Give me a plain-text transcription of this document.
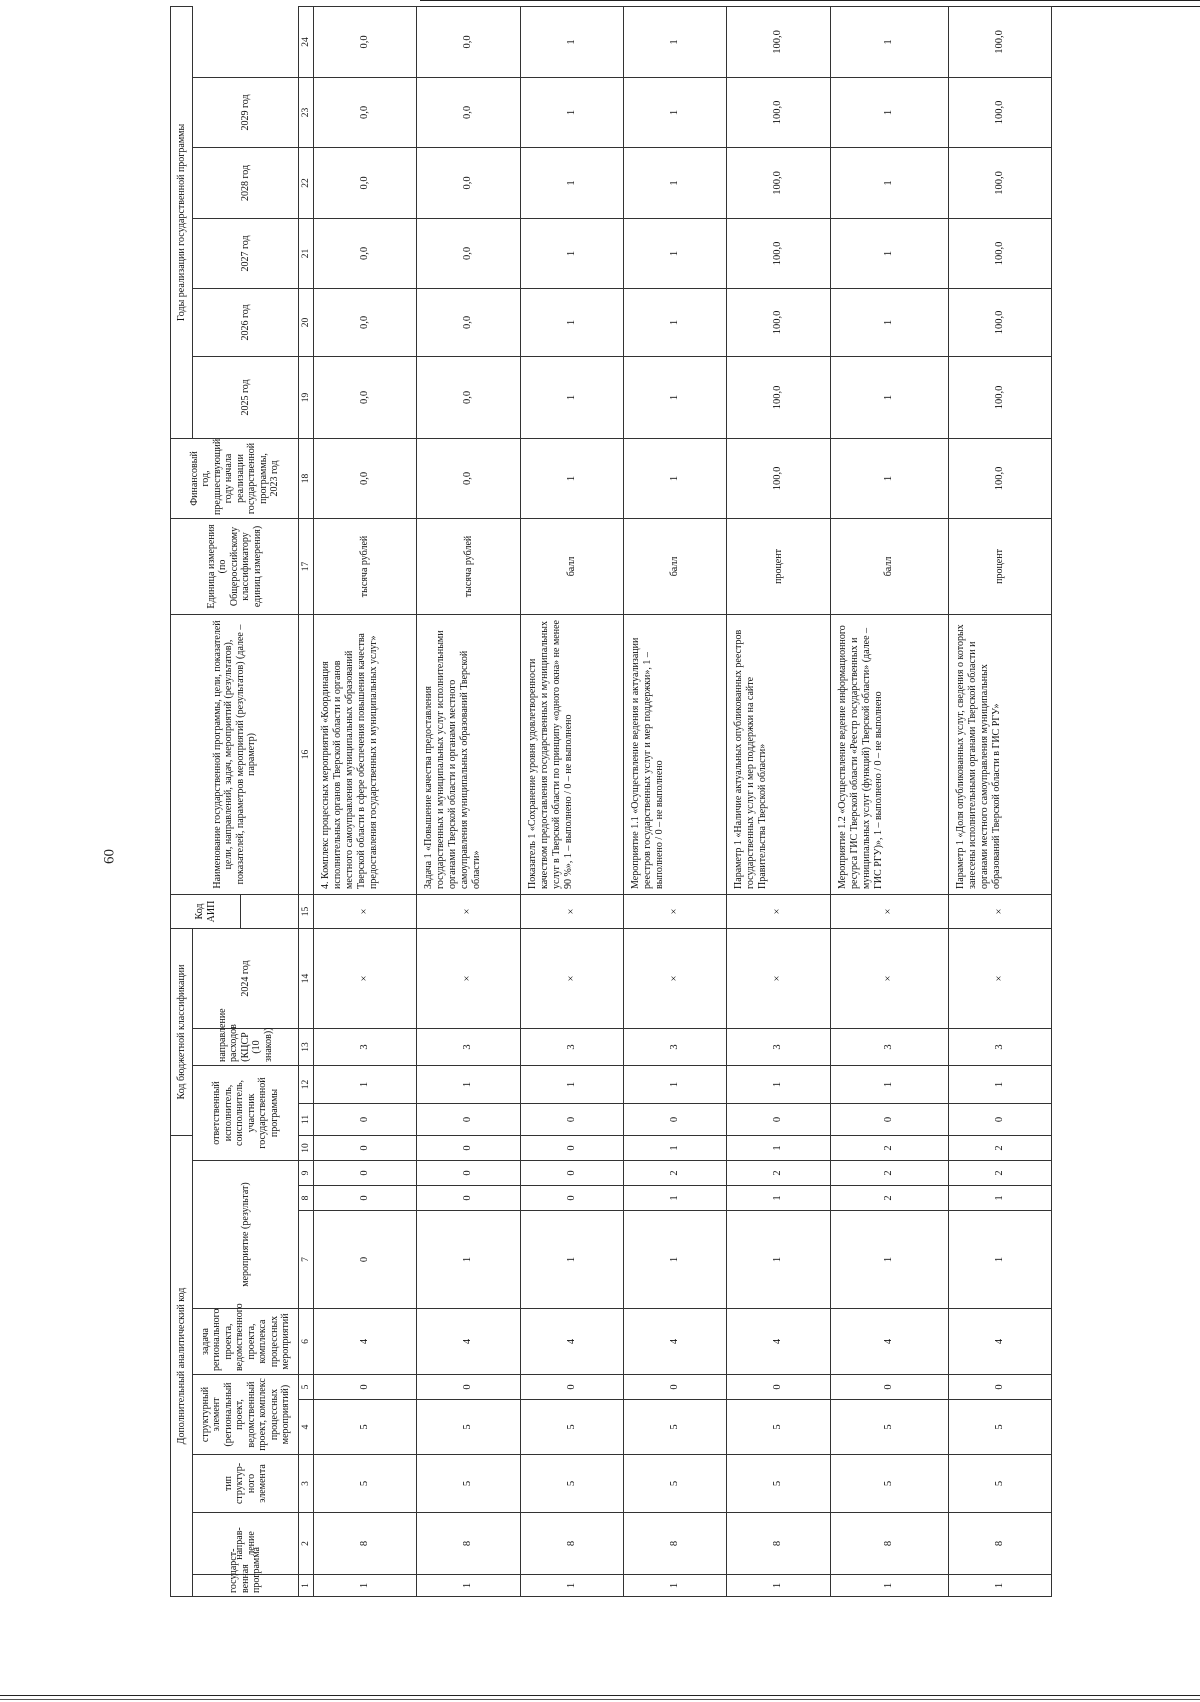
60
Дополнительный аналитический код										Код бюджетной классификации				Код АИП	Наименование государственной программы, цели, показателей цели, направлений, задач, мероприятий (результатов), показателей, параметров мероприятий (результатов) (далее – параметр)	Единица измерения (по Общероссийскому классификатору единиц измерения)	Финансовый год, предшествующий году начала реализации государственной программы, 2023 год	Годы реализации государственной программы					
государст- венная программа	направ- ление	тип структур- ного элемента	структурный элемент (региональный проект, ведомственный проект, комплекс процессных мероприятий)		задача регионального проекта, ведомственного проекта, комплекса процессных мероприятий	мероприятие (результат)			ответственный исполнитель, соисполнитель, участник государственной программы			направление расходов (КЦСР (10 знаков))	2024 год					2025 год	2026 год	2027 год	2028 год	2029 год	

1	2	3	4	5	6	7	8	9	10	11	12	13	14	15	16	17	18	19	20	21	22	23	24
1	8	5	5	0	4	0	0	0	0	0	1	3	×	×	4. Комплекс процессных мероприятий «Координация исполнительных органов Тверской области и органов местного самоуправления муниципальных образований Тверской области в сфере обеспечения повышения качества предоставления государственных и муниципальных услуг»	тысяча рублей	0,0	0,0	0,0	0,0	0,0	0,0	0,0
1	8	5	5	0	4	1	0	0	0	0	1	3	×	×	Задача 1 «Повышение качества предоставления государственных и муниципальных услуг исполнительными органами Тверской области и органами местного самоуправления муниципальных образований Тверской области»	тысяча рублей	0,0	0,0	0,0	0,0	0,0	0,0	0,0
1	8	5	5	0	4	1	0	0	0	0	1	3	×	×	Показатель 1 «Сохранение уровня удовлетворенности качеством предоставления государственных и муниципальных услуг в Тверской области по принципу «одного окна» не менее 90 %», 1 – выполнено / 0 – не выполнено	балл	1	1	1	1	1	1	1
1	8	5	5	0	4	1	1	2	1	0	1	3	×	×	Мероприятие 1.1 «Осуществление ведения и актуализации реестров государственных услуг и мер поддержки», 1 – выполнено / 0 – не выполнено	балл	1	1	1	1	1	1	1
1	8	5	5	0	4	1	1	2	1	0	1	3	×	×	Параметр 1 «Наличие актуальных опубликованных реестров государственных услуг и мер поддержки на сайте Правительства Тверской области»	процент	100,0	100,0	100,0	100,0	100,0	100,0	100,0
1	8	5	5	0	4	1	2	2	2	0	1	3	×	×	Мероприятие 1.2 «Осуществление ведение информационного ресурса ГИС Тверской области «Реестр государственных и муниципальных услуг (функций) Тверской области» (далее – ГИС РГУ)», 1 – выполнено / 0 – не выполнено	балл	1	1	1	1	1	1	1
1	8	5	5	0	4	1	1	2	2	0	1	3	×	×	Параметр 1 «Доля опубликованных услуг, сведения о которых занесены исполнительными органами Тверской области и органами местного самоуправления муниципальных образований Тверской области в ГИС РГУ»	процент	100,0	100,0	100,0	100,0	100,0	100,0	100,0
